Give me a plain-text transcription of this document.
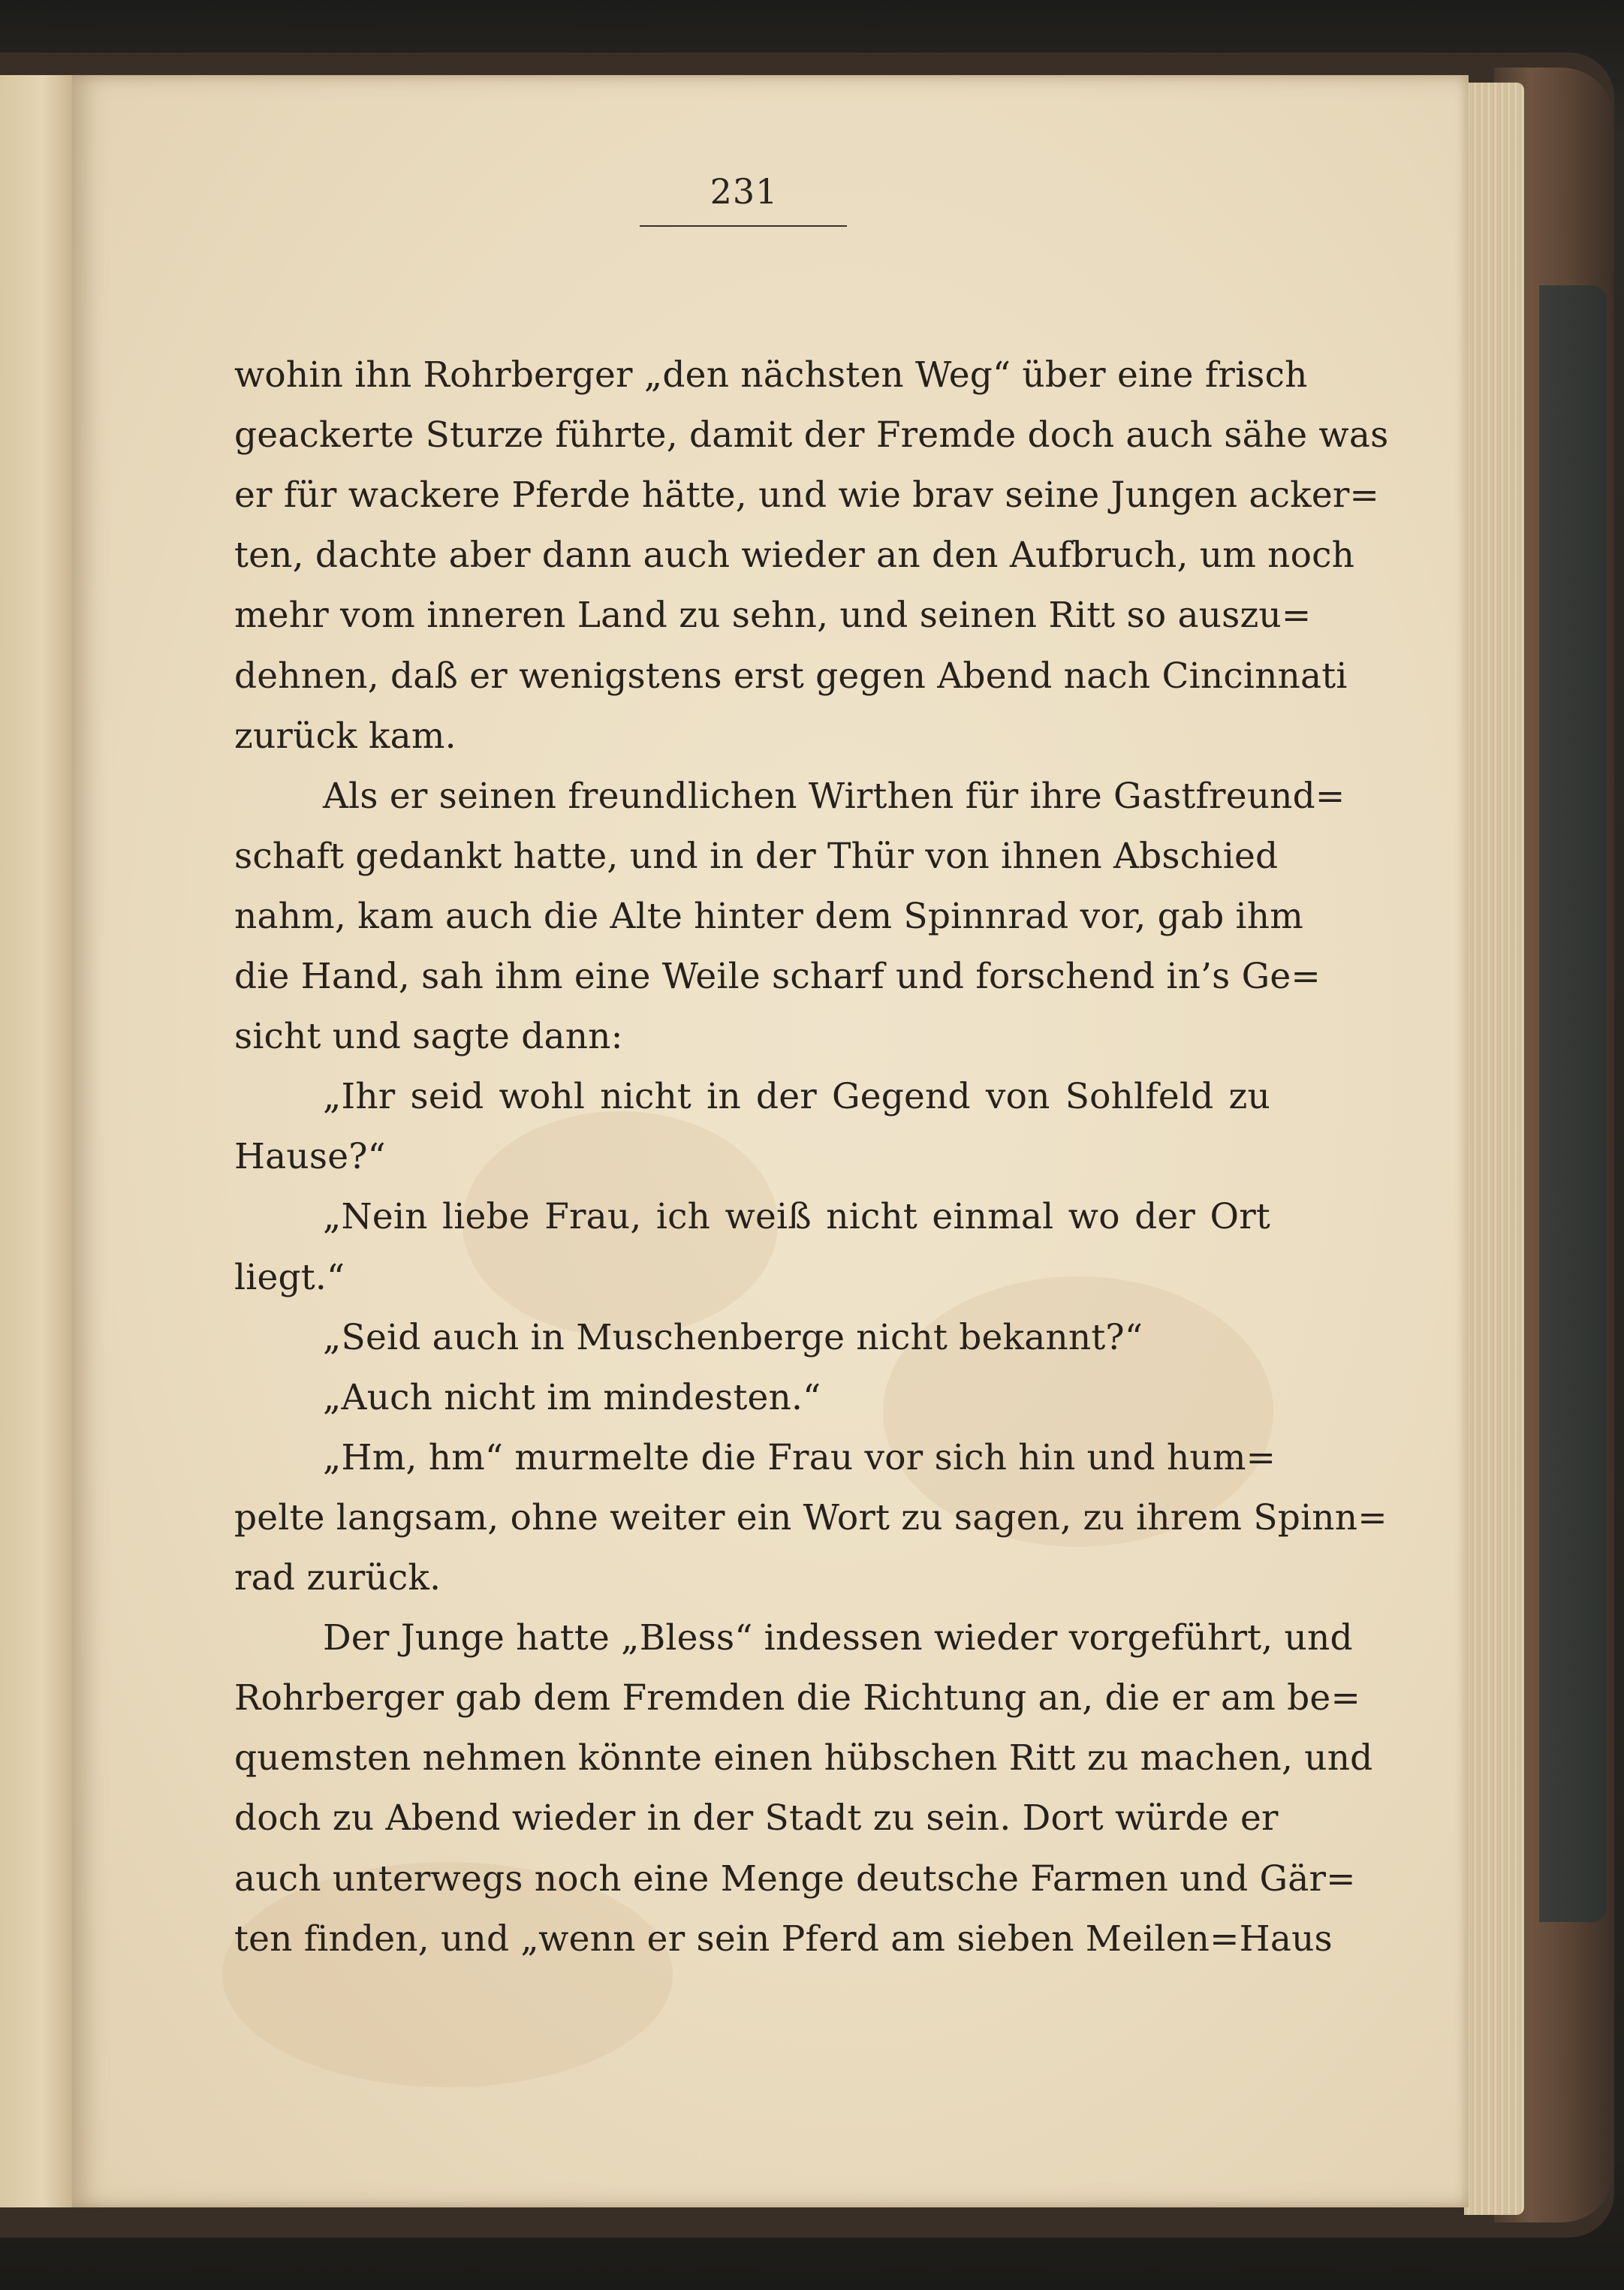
231
wohin ihn Rohrberger „den nächsten Weg“ über eine frisch
geackerte Sturze führte, damit der Fremde doch auch sähe was
er für wackere Pferde hätte, und wie brav seine Jungen acker=
ten, dachte aber dann auch wieder an den Aufbruch, um noch
mehr vom inneren Land zu sehn, und seinen Ritt so auszu=
dehnen, daß er wenigstens erst gegen Abend nach Cincinnati
zurück kam.
Als er seinen freundlichen Wirthen für ihre Gastfreund=
schaft gedankt hatte, und in der Thür von ihnen Abschied
nahm, kam auch die Alte hinter dem Spinnrad vor, gab ihm
die Hand, sah ihm eine Weile scharf und forschend in’s Ge=
sicht und sagte dann:
„Ihr seid wohl nicht in der Gegend von Sohlfeld zu
Hause?“
„Nein liebe Frau, ich weiß nicht einmal wo der Ort
liegt.“
„Seid auch in Muschenberge nicht bekannt?“
„Auch nicht im mindesten.“
„Hm, hm“ murmelte die Frau vor sich hin und hum=
pelte langsam, ohne weiter ein Wort zu sagen, zu ihrem Spinn=
rad zurück.
Der Junge hatte „Bless“ indessen wieder vorgeführt, und
Rohrberger gab dem Fremden die Richtung an, die er am be=
quemsten nehmen könnte einen hübschen Ritt zu machen, und
doch zu Abend wieder in der Stadt zu sein. Dort würde er
auch unterwegs noch eine Menge deutsche Farmen und Gär=
ten finden, und „wenn er sein Pferd am sieben Meilen=Haus
